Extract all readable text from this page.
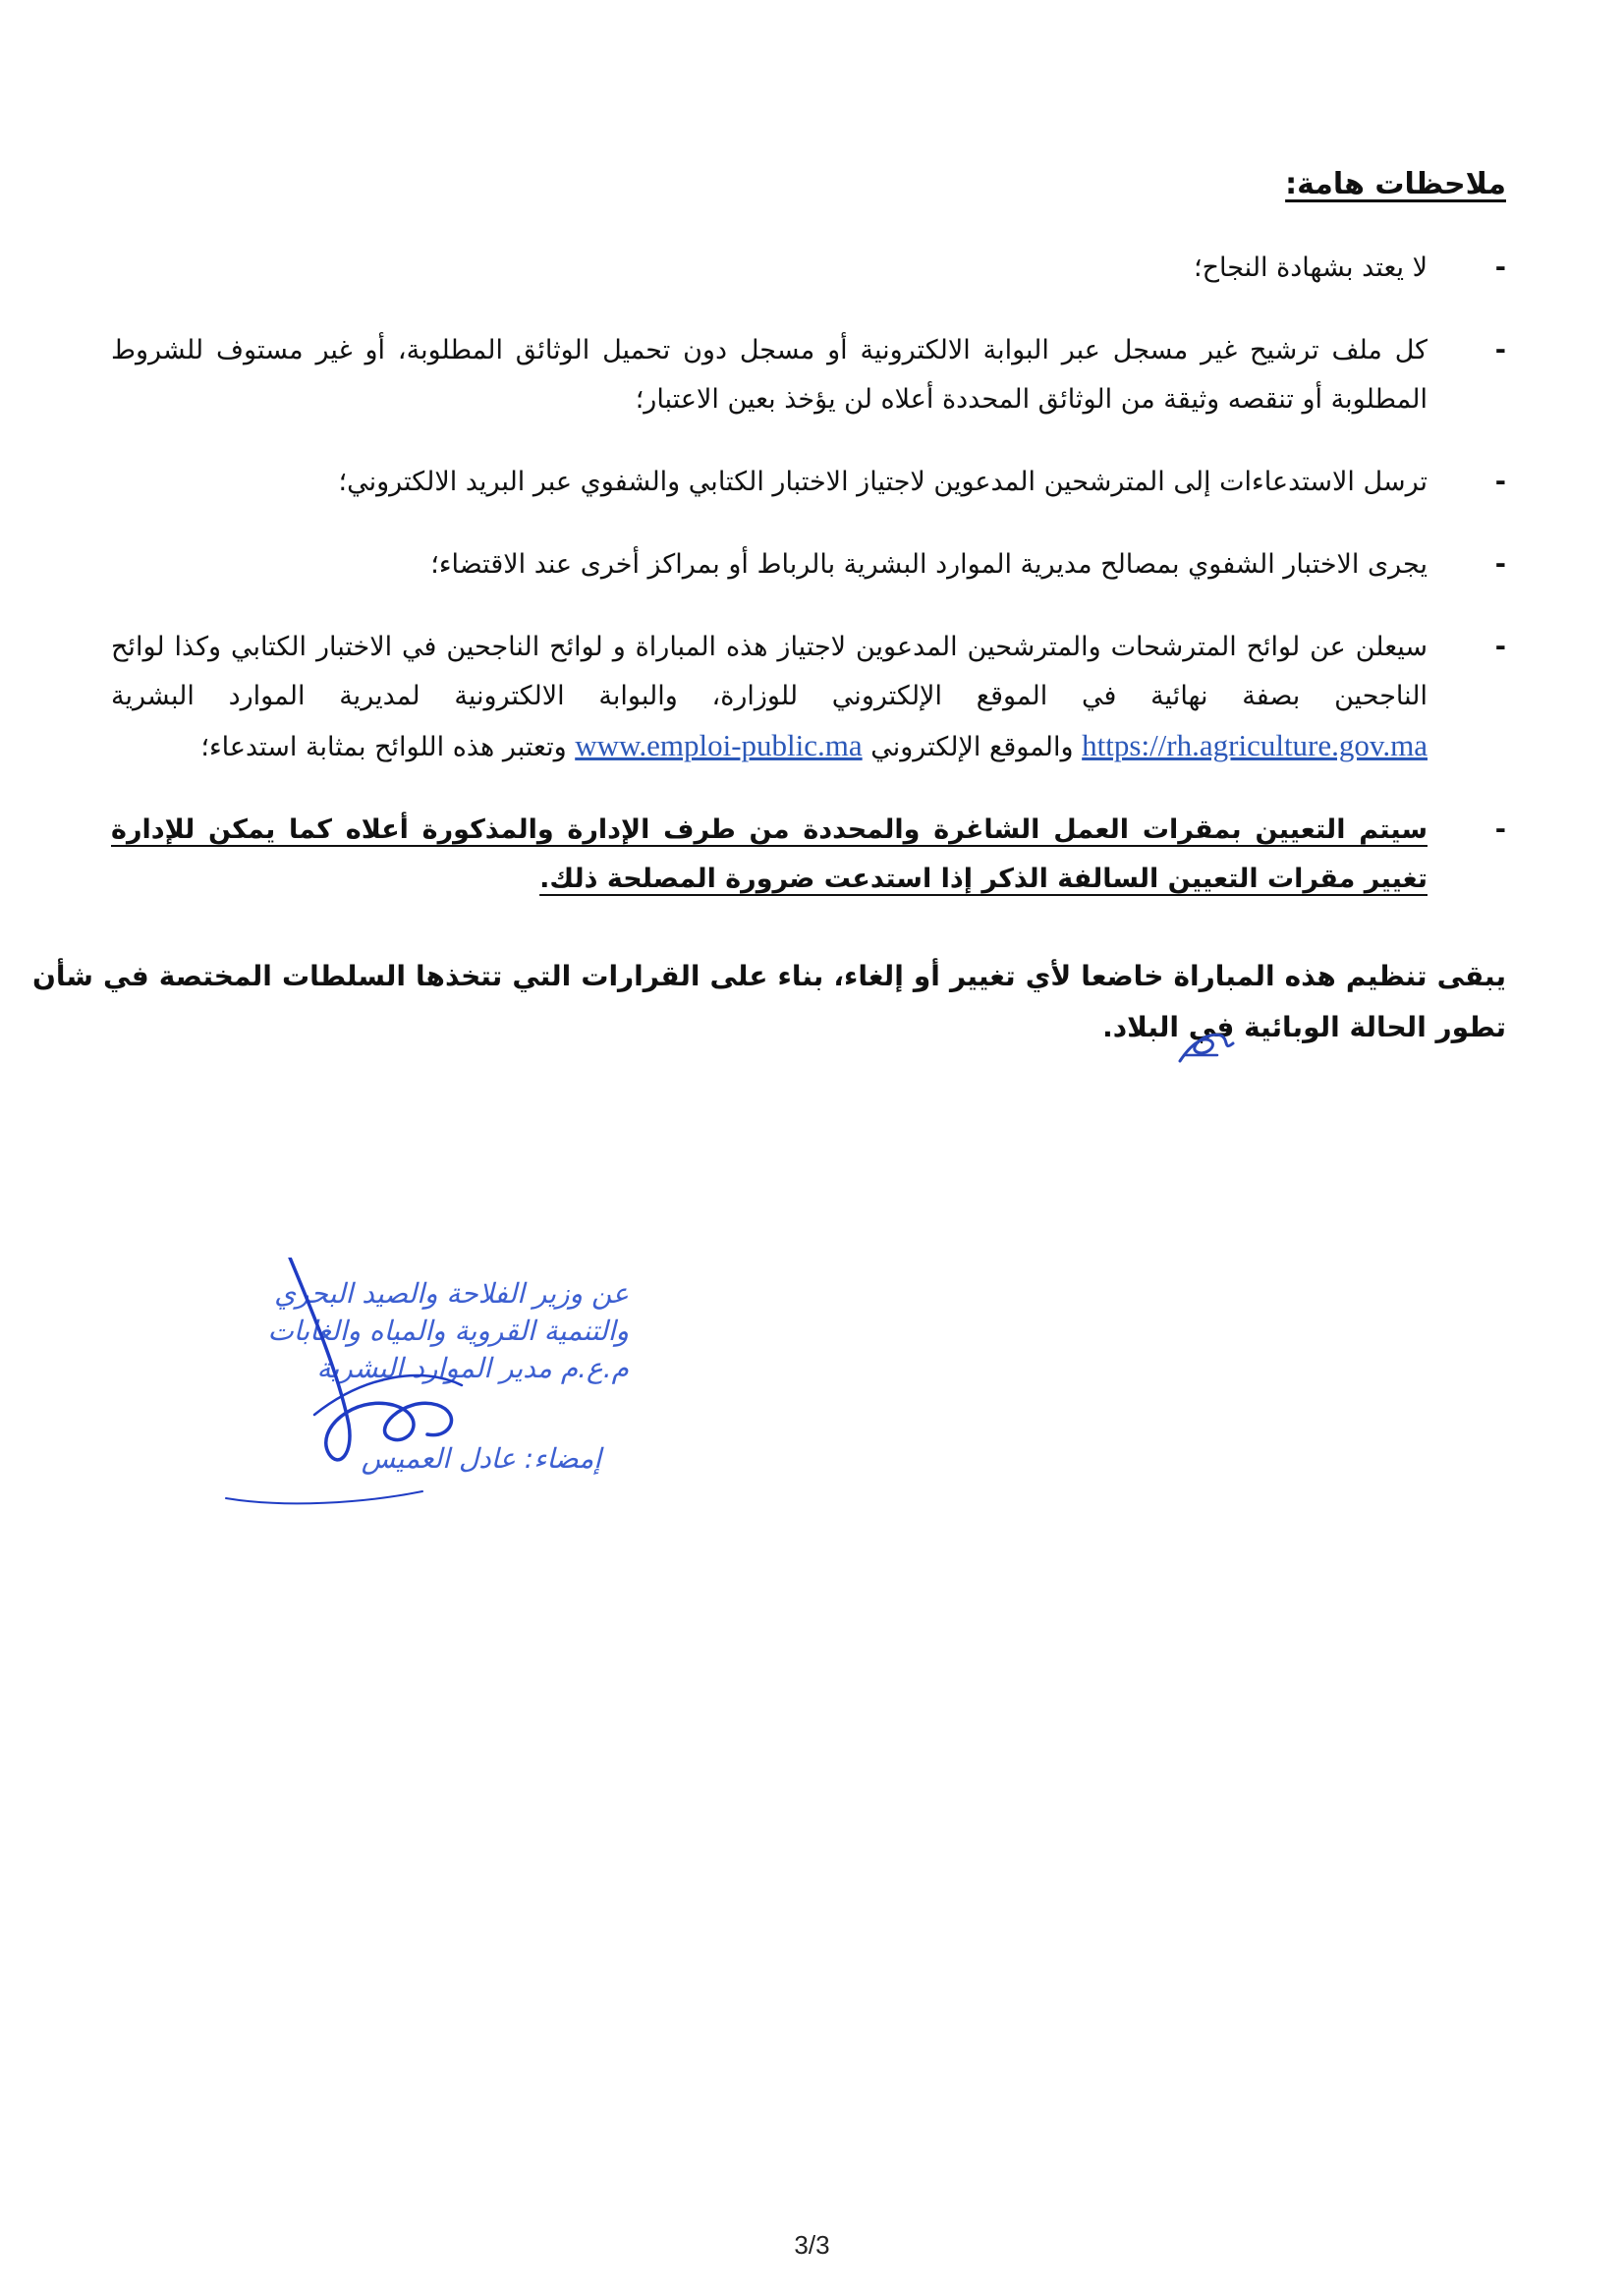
ملاحظات هامة:
-
لا يعتد بشهادة النجاح؛
-
كل ملف ترشيح غير مسجل عبر البوابة الالكترونية أو مسجل دون تحميل الوثائق المطلوبة، أو غير مستوف للشروط المطلوبة أو تنقصه وثيقة من الوثائق المحددة أعلاه لن يؤخذ بعين الاعتبار؛
-
ترسل الاستدعاءات إلى المترشحين المدعوين لاجتياز الاختبار الكتابي والشفوي عبر البريد الالكتروني؛
-
يجرى الاختبار الشفوي بمصالح مديرية الموارد البشرية بالرباط أو بمراكز أخرى عند الاقتضاء؛
-
سيعلن عن لوائح المترشحات والمترشحين المدعوين لاجتياز هذه المباراة و لوائح الناجحين في الاختبار الكتابي وكذا لوائح الناجحين بصفة نهائية في الموقع الإلكتروني للوزارة، والبوابة الالكترونية لمديرية الموارد البشرية https://rh.agriculture.gov.ma والموقع الإلكتروني www.emploi-public.ma وتعتبر هذه اللوائح بمثابة استدعاء؛
-
سيتم التعيين بمقرات العمل الشاغرة والمحددة من طرف الإدارة والمذكورة أعلاه كما يمكن للإدارة تغيير مقرات التعيين السالفة الذكر إذا استدعت ضرورة المصلحة ذلك.
يبقى تنظيم هذه المباراة خاضعا لأي تغيير أو إلغاء، بناء على القرارات التي تتخذها السلطات المختصة في شأن تطور الحالة الوبائية في البلاد.
عن وزير الفلاحة والصيد البحري
والتنمية القروية والمياه والغابات
م.ع.م مدير الموارد البشرية
إمضاء: عادل العميس
3/3
